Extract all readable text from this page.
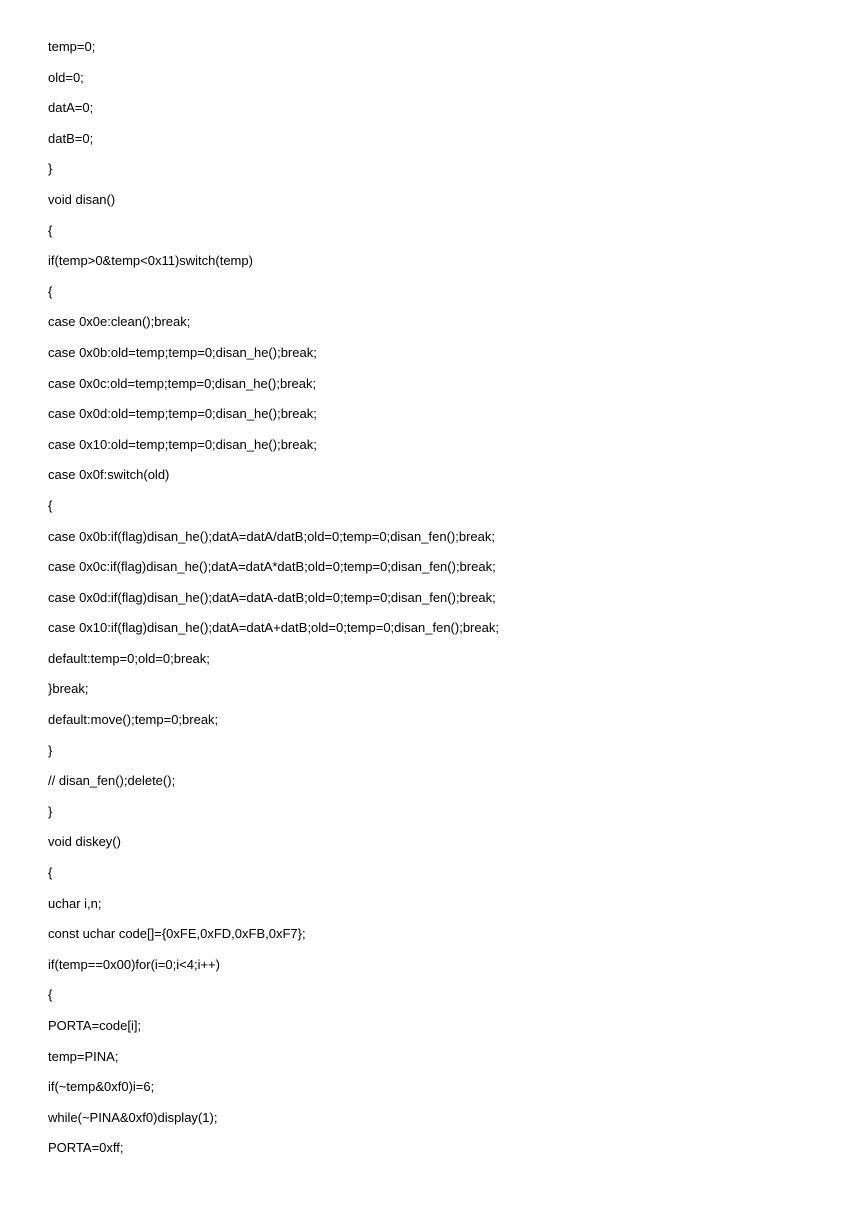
temp=0;
old=0;
datA=0;
datB=0;
}
void disan()
{
if(temp>0&temp<0x11)switch(temp)
{
case 0x0e:clean();break;
case 0x0b:old=temp;temp=0;disan_he();break;
case 0x0c:old=temp;temp=0;disan_he();break;
case 0x0d:old=temp;temp=0;disan_he();break;
case 0x10:old=temp;temp=0;disan_he();break;
case 0x0f:switch(old)
{
case 0x0b:if(flag)disan_he();datA=datA/datB;old=0;temp=0;disan_fen();break;
case 0x0c:if(flag)disan_he();datA=datA*datB;old=0;temp=0;disan_fen();break;
case 0x0d:if(flag)disan_he();datA=datA-datB;old=0;temp=0;disan_fen();break;
case 0x10:if(flag)disan_he();datA=datA+datB;old=0;temp=0;disan_fen();break;
default:temp=0;old=0;break;
}break;
default:move();temp=0;break;
}
// disan_fen();delete();
}
void diskey()
{
uchar i,n;
const uchar code[]={0xFE,0xFD,0xFB,0xF7};
if(temp==0x00)for(i=0;i<4;i++)
{
PORTA=code[i];
temp=PINA;
if(~temp&0xf0)i=6;
while(~PINA&0xf0)display(1);
PORTA=0xff;
